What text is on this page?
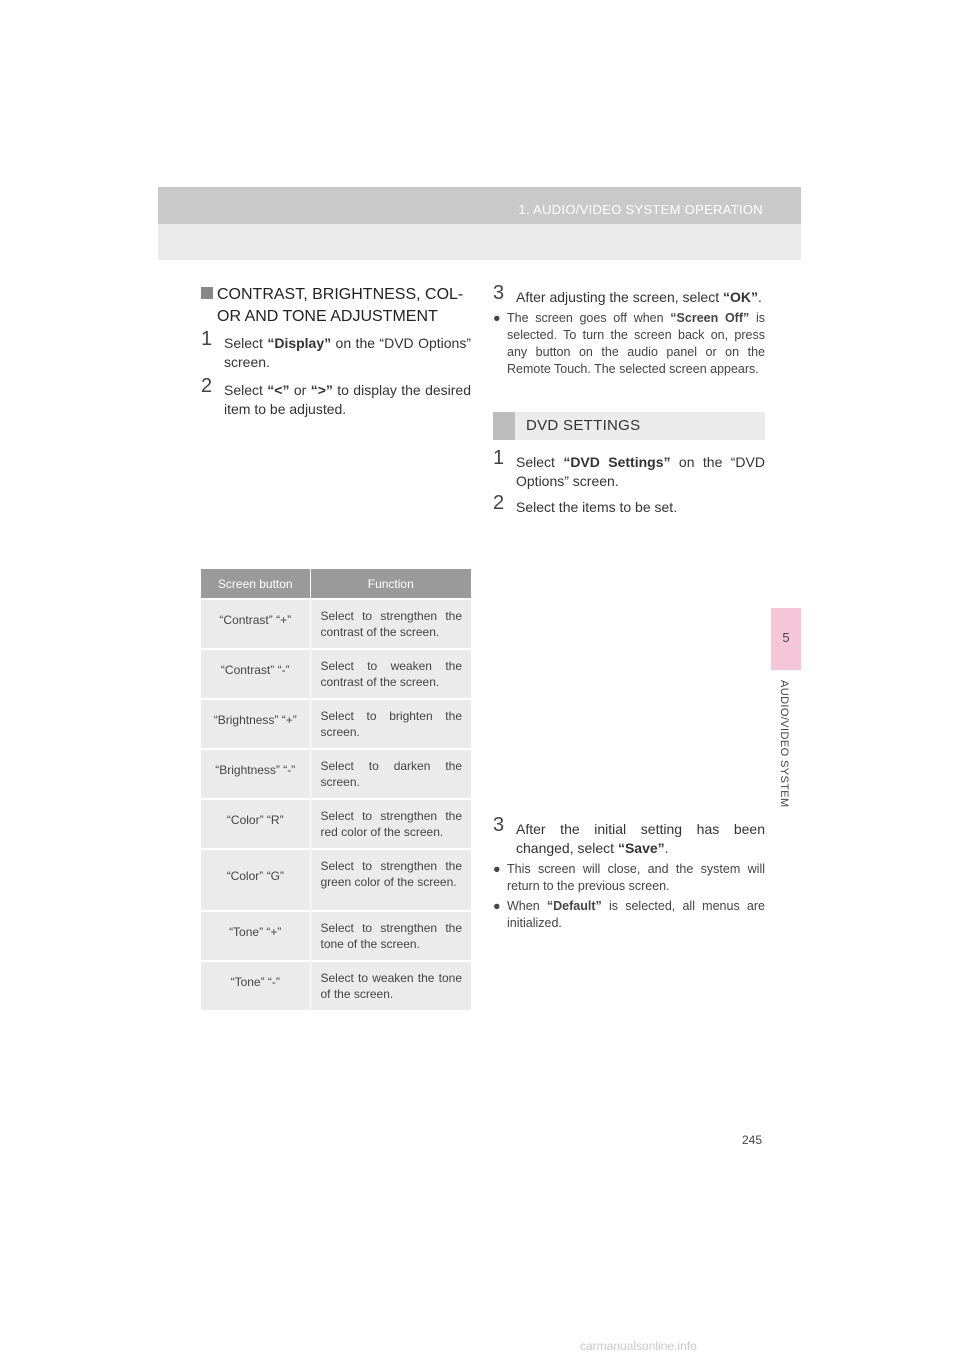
1. AUDIO/VIDEO SYSTEM OPERATION
5
AUDIO/VIDEO SYSTEM
CONTRAST, BRIGHTNESS, COL-
OR AND TONE ADJUSTMENT
1 Select “Display” on the “DVD Options” screen.
2 Select “<” or “>” to display the desired item to be adjusted.
Screen button	Function
“Contrast” “+”	Select to strengthen the contrast of the screen.
“Contrast” “-”	Select to weaken the contrast of the screen.
“Brightness” “+”	Select to brighten the screen.
“Brightness” “-”	Select to darken the screen.
“Color” “R”	Select to strengthen the red color of the screen.
“Color” “G”	Select to strengthen the green color of the screen.
“Tone” “+”	Select to strengthen the tone of the screen.
“Tone” “-”	Select to weaken the tone of the screen.
3 After adjusting the screen, select “OK”.
● The screen goes off when “Screen Off” is selected. To turn the screen back on, press any button on the audio panel or on the Remote Touch. The selected screen appears.
DVD SETTINGS
1 Select “DVD Settings” on the “DVD Options” screen.
2 Select the items to be set.
3 After the initial setting has been changed, select “Save”.
● This screen will close, and the system will return to the previous screen.
● When “Default” is selected, all menus are initialized.
245
carmanualsonline.info
